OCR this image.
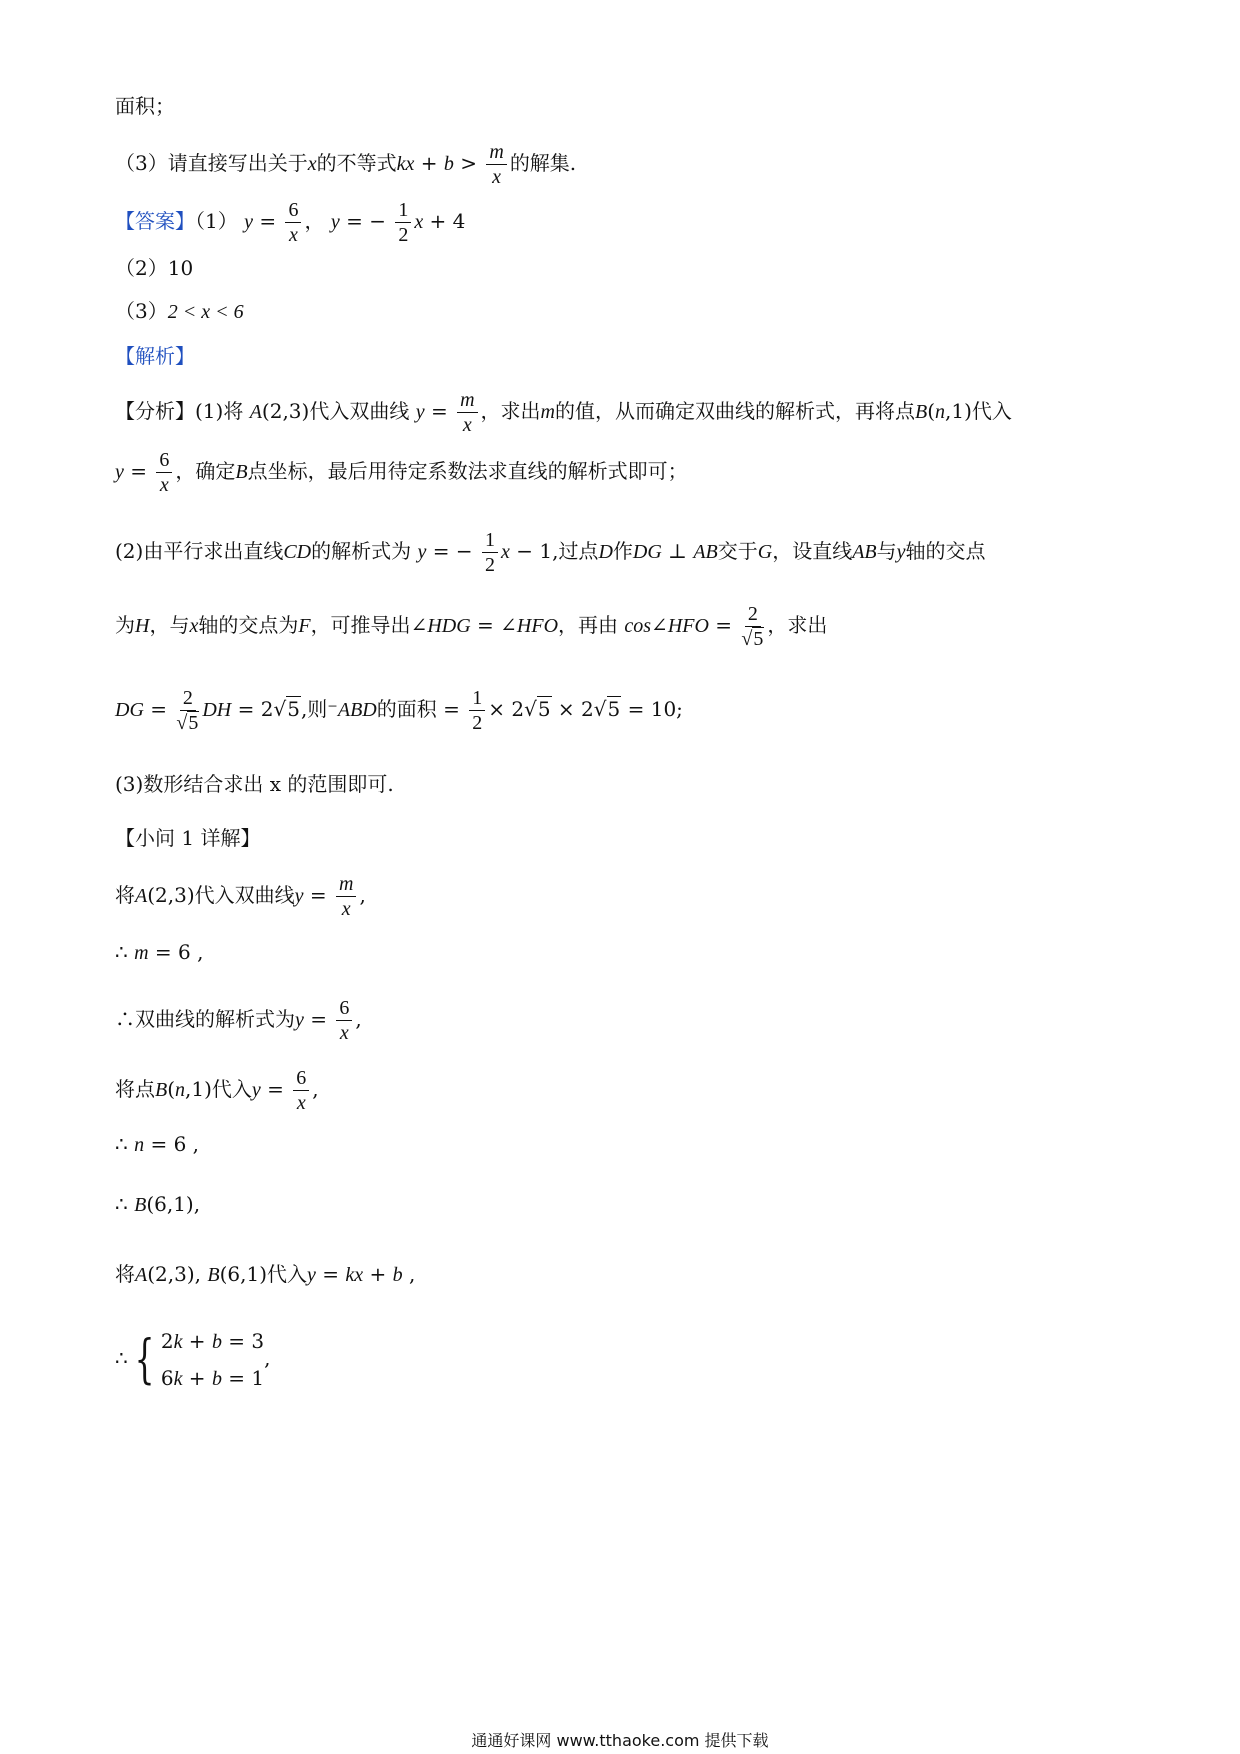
面积；
（3）请直接写出关于x的不等式kx + $b > \frac{m}{x}$ 的解集.
【答案】（1） $y = \frac{6}{x}$ ， y = − $\frac{1}{2}$ x + 4
（2）10
（3）2 < x < 6
【解析】
【分析】(1)将 A(2,3)代入双曲线 $y = \frac{m}{x}$ ，求出m的值，从而确定双曲线的解析式，再将点B(n,1)代入
$y = \frac{6}{x}$ ，确定B点坐标，最后用待定系数法求直线的解析式即可；
(2)由平行求出直线CD的解析式为 y = − $\frac{1}{2}$ x − 1,过点D作DG ⊥ AB交于G，设直线AB与y轴的交点
为H，与x轴的交点为F，可推导出∠HDG = ∠HFO，再由 cos∠HFO = $\frac{2}{√5}$ ，求出
DG = $\frac{2}{√5}$ DH = 2√5,则⁻ABD的面积 = $\frac{1}{2} \times 2√5 \times 2√5 = 10$;
(3)数形结合求出 x 的范围即可.
【小问 1 详解】
将A(2,3)代入双曲线$y = \frac{m}{x}$ ,
∴ m = 6 ,
∴双曲线的解析式为$y = \frac{6}{x}$ ,
将点B(n,1)代入$y = \frac{6}{x}$ ,
∴ n = 6 ,
∴ B(6,1),
将A(2,3), B(6,1)代入y = kx + b ,
∴ { 2k + b = 3
6k + b = 1
,
通通好课网 www.tthaoke.com 提供下载
